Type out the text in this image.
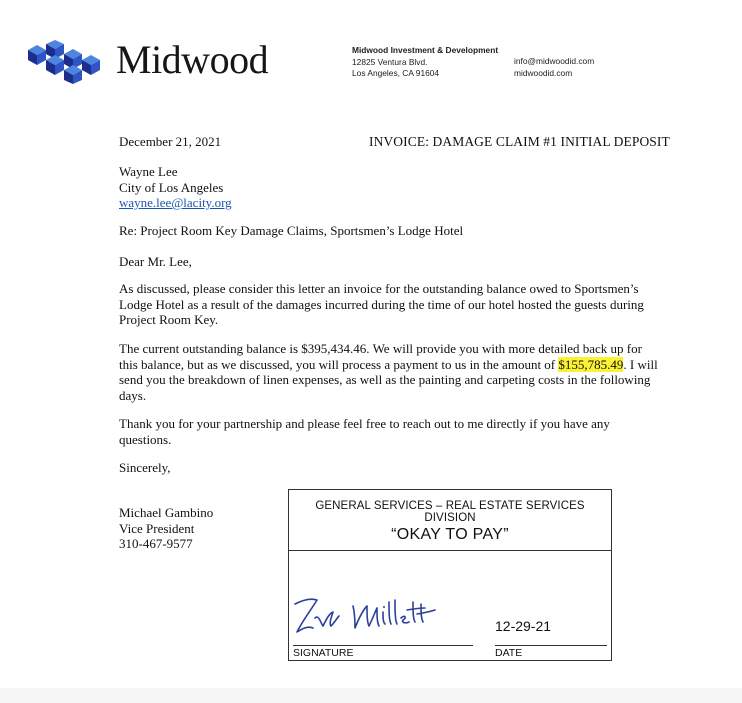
Midwood	Midwood Investment & Development
12825 Ventura Blvd.
Los Angeles, CA 91604
info@midwoodid.com
midwoodid.com
December 21, 2021	INVOICE: DAMAGE CLAIM #1 INITIAL DEPOSIT
Wayne Lee
City of Los Angeles
wayne.lee@lacity.org
Re: Project Room Key Damage Claims, Sportsmen’s Lodge Hotel
Dear Mr. Lee,
As discussed, please consider this letter an invoice for the outstanding balance owed to Sportsmen’s Lodge Hotel as a result of the damages incurred during the time of our hotel hosted the guests during Project Room Key.
The current outstanding balance is $395,434.46. We will provide you with more detailed back up for this balance, but as we discussed, you will process a payment to us in the amount of $155,785.49. I will send you the breakdown of linen expenses, as well as the painting and carpeting costs in the following days.
Thank you for your partnership and please feel free to reach out to me directly if you have any questions.
Sincerely,
Michael Gambino
Vice President
310-467-9577
GENERAL SERVICES – REAL ESTATE SERVICES DIVISION
“OKAY TO PAY”
12-29-21
SIGNATURE	DATE
